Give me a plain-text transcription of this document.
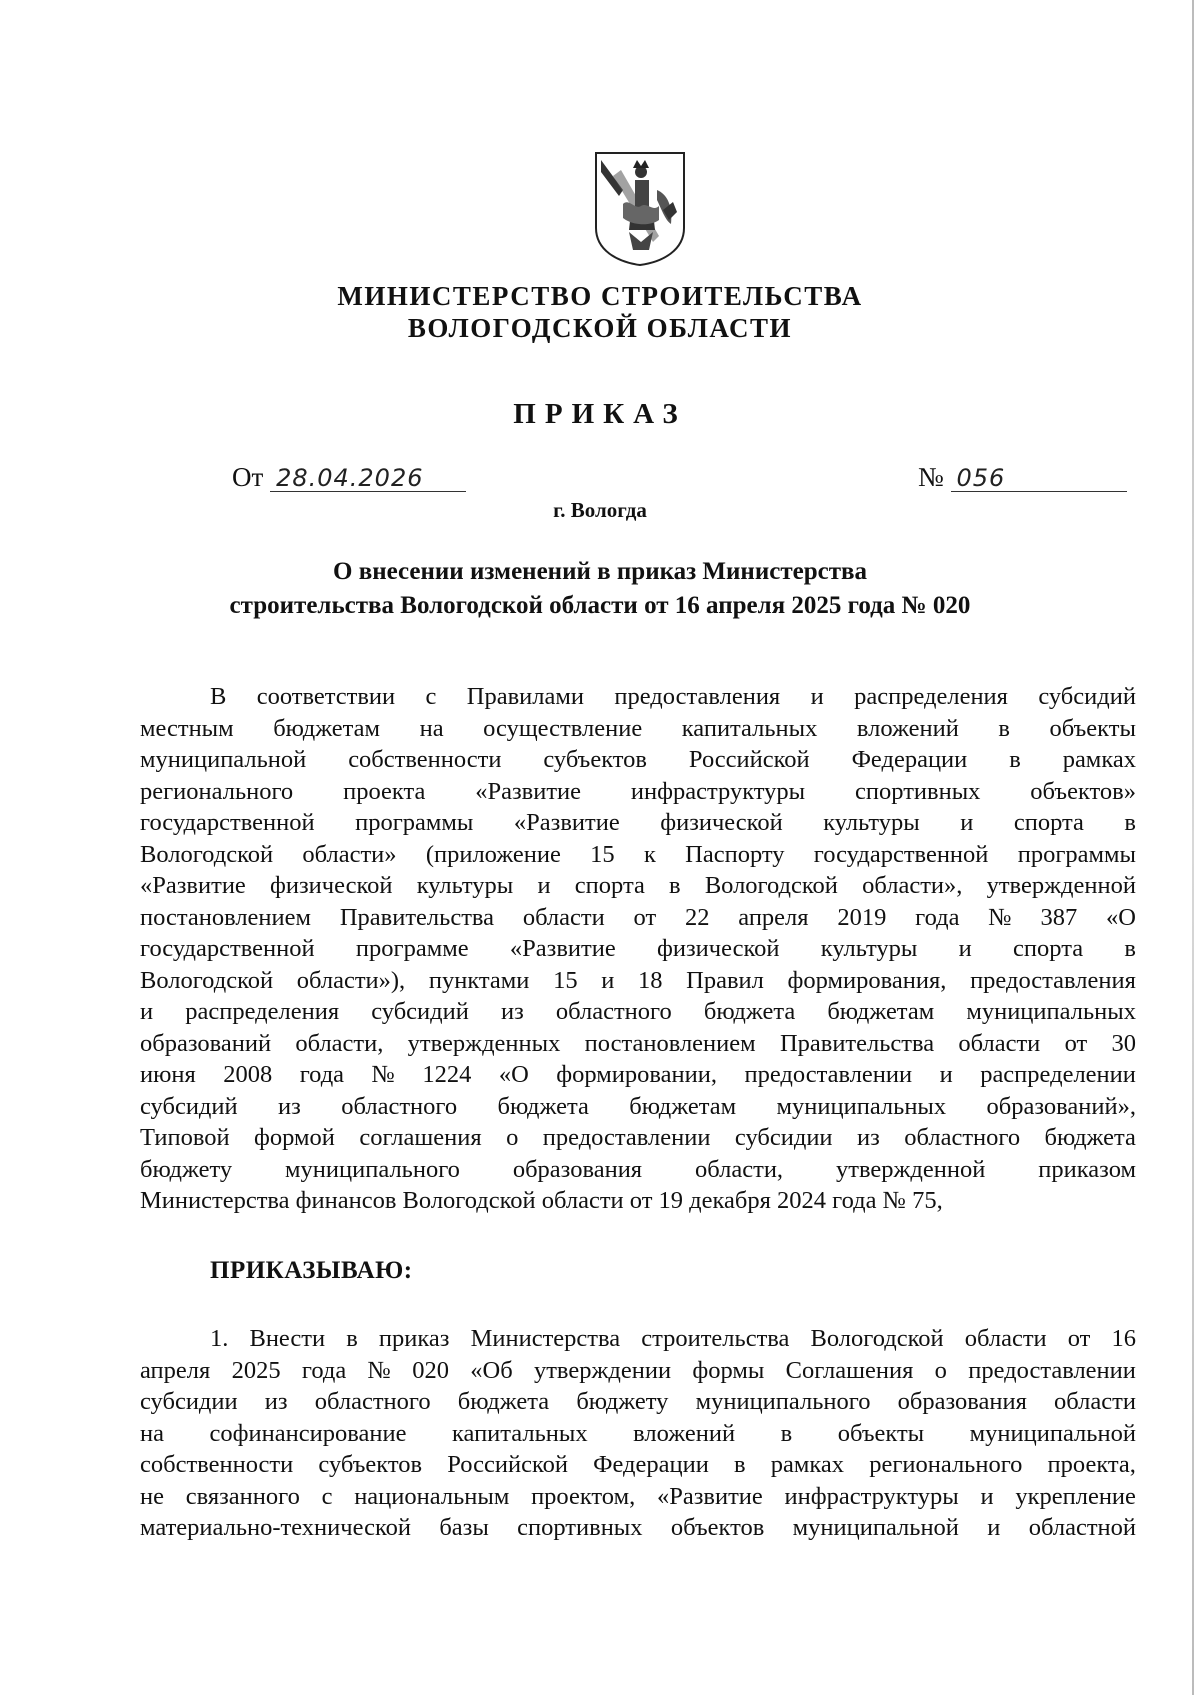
МИНИСТЕРСТВО СТРОИТЕЛЬСТВА
ВОЛОГОДСКОЙ ОБЛАСТИ
ПРИКАЗ
От 28.04.2026	№ 056
г. Вологда
О внесении изменений в приказ Министерства
строительства Вологодской области от 16 апреля 2025 года № 020
В соответствии с Правилами предоставления и распределения субсидий
местным бюджетам на осуществление капитальных вложений в объекты
муниципальной собственности субъектов Российской Федерации в рамках
регионального проекта «Развитие инфраструктуры спортивных объектов»
государственной программы «Развитие физической культуры и спорта в
Вологодской области» (приложение 15 к Паспорту государственной программы
«Развитие физической культуры и спорта в Вологодской области», утвержденной
постановлением Правительства области от 22 апреля 2019 года № 387 «О
государственной программе «Развитие физической культуры и спорта в
Вологодской области»), пунктами 15 и 18 Правил формирования, предоставления
и распределения субсидий из областного бюджета бюджетам муниципальных
образований области, утвержденных постановлением Правительства области от 30
июня 2008 года № 1224 «О формировании, предоставлении и распределении
субсидий из областного бюджета бюджетам муниципальных образований»,
Типовой формой соглашения о предоставлении субсидии из областного бюджета
бюджету муниципального образования области, утвержденной приказом
Министерства финансов Вологодской области от 19 декабря 2024 года № 75,
ПРИКАЗЫВАЮ:
1. Внести в приказ Министерства строительства Вологодской области от 16
апреля 2025 года № 020 «Об утверждении формы Соглашения о предоставлении
субсидии из областного бюджета бюджету муниципального образования области
на софинансирование капитальных вложений в объекты муниципальной
собственности субъектов Российской Федерации в рамках регионального проекта,
не связанного с национальным проектом, «Развитие инфраструктуры и укрепление
материально-технической базы спортивных объектов муниципальной и областной
